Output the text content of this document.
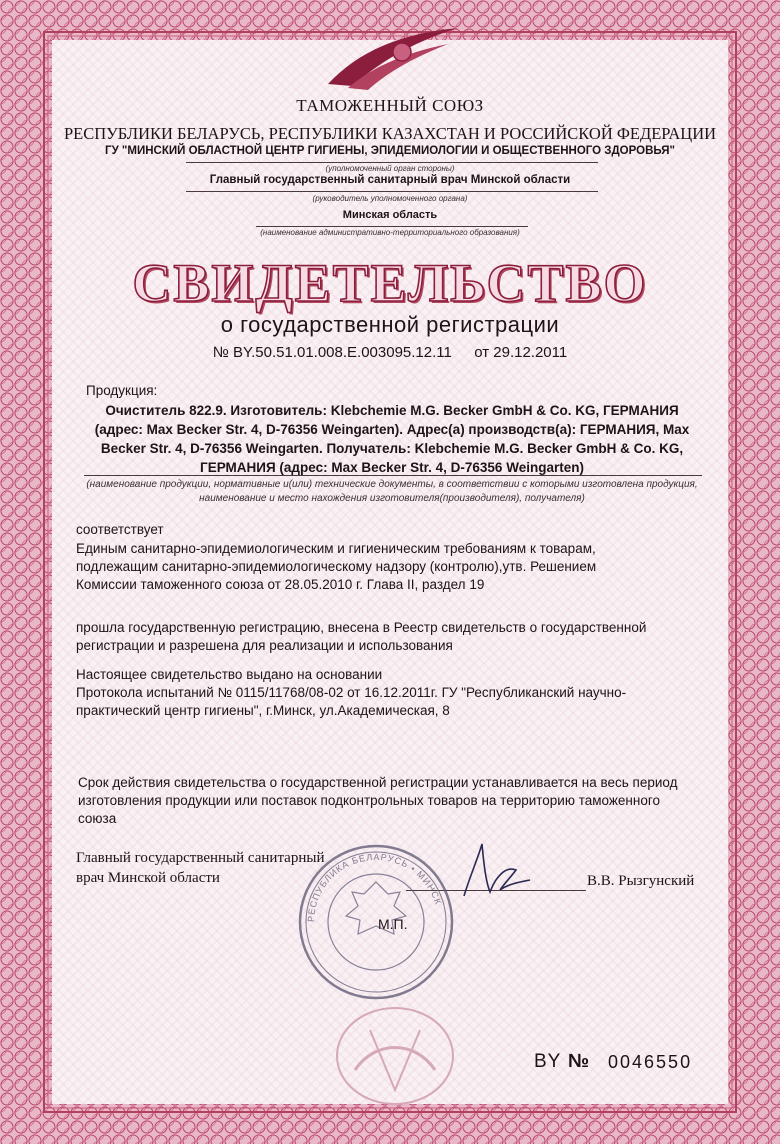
ТАМОЖЕННЫЙ СОЮЗ
РЕСПУБЛИКИ БЕЛАРУСЬ, РЕСПУБЛИКИ КАЗАХСТАН И РОССИЙСКОЙ ФЕДЕРАЦИИ
ГУ "МИНСКИЙ ОБЛАСТНОЙ ЦЕНТР ГИГИЕНЫ, ЭПИДЕМИОЛОГИИ И ОБЩЕСТВЕННОГО ЗДОРОВЬЯ"
(уполномоченный орган стороны)
Главный государственный санитарный врач Минской области
(руководитель уполномоченного органа)
Минская область
(наименование административно-территориального образования)
СВИДЕТЕЛЬСТВО
о государственной регистрации
№ BY.50.51.01.008.E.003095.12.11 от 29.12.2011
Продукция:
Очиститель 822.9. Изготовитель: Klebchemie M.G. Becker GmbH & Co. KG, ГЕРМАНИЯ (адрес: Max Becker Str. 4, D-76356 Weingarten). Адрес(а) производств(а): ГЕРМАНИЯ, Max Becker Str. 4, D-76356 Weingarten. Получатель: Klebchemie M.G. Becker GmbH & Co. KG, ГЕРМАНИЯ (адрес: Max Becker Str. 4, D-76356 Weingarten)
(наименование продукции, нормативные и(или) технические документы, в соответствии с которыми изготовлена продукция, наименование и место нахождения изготовителя(производителя), получателя)
соответствует
Единым санитарно-эпидемиологическим и гигиеническим требованиям к товарам, подлежащим санитарно-эпидемиологическому надзору (контролю),утв. Решением Комиссии таможенного союза от 28.05.2010 г. Глава II, раздел 19
прошла государственную регистрацию, внесена в Реестр свидетельств о государственной регистрации и разрешена для реализации и использования
Настоящее свидетельство выдано на основании
Протокола испытаний № 0115/11768/08-02 от 16.12.2011г. ГУ "Республиканский научно-практический центр гигиены", г.Минск, ул.Академическая, 8
Срок действия свидетельства о государственной регистрации устанавливается на весь период изготовления продукции или поставок подконтрольных товаров на территорию таможенного союза
Главный государственный санитарный
врач Минской области	В.В. Рызгунский
РЕСПУБЛИКА БЕЛАРУСЬ • МИНСК
М.П.
BY № 0046550
